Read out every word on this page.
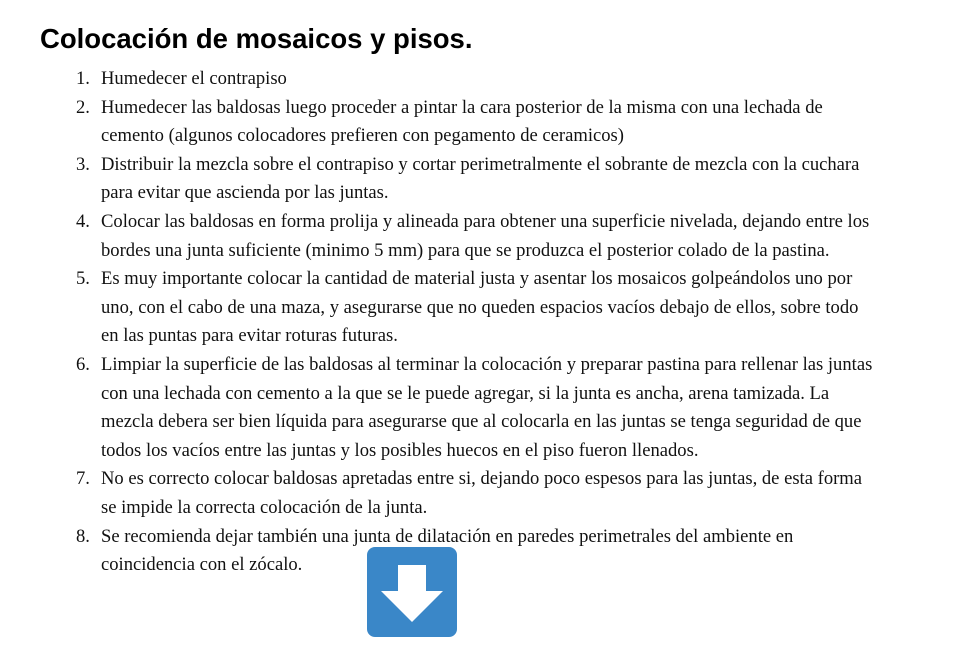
Colocación de mosaicos y pisos.
1. Humedecer el contrapiso
2. Humedecer las baldosas luego proceder a pintar la cara posterior de la misma con una lechada de cemento (algunos colocadores prefieren con pegamento de ceramicos)
3. Distribuir la mezcla sobre el contrapiso y cortar perimetralmente el sobrante de mezcla con la cuchara para evitar que ascienda por las juntas.
4. Colocar las baldosas en forma prolija y alineada para obtener una superficie nivelada, dejando entre los bordes una junta suficiente (minimo 5 mm) para que se produzca el posterior colado de la pastina.
5. Es muy importante colocar la cantidad de material justa y asentar los mosaicos golpeándolos uno por uno, con el cabo de una maza, y asegurarse que no queden espacios vacíos debajo de ellos, sobre todo en las puntas para evitar roturas futuras.
6. Limpiar la superficie de las baldosas al terminar la colocación y preparar pastina para rellenar las juntas con una lechada con cemento a la que se le puede agregar, si la junta es ancha, arena tamizada. La mezcla debera ser bien líquida para asegurarse que al colocarla en las juntas se tenga seguridad de que todos los vacíos entre las juntas y los posibles huecos en el piso fueron llenados.
7. No es correcto colocar baldosas apretadas entre si, dejando poco espesos para las juntas, de esta forma se impide la correcta colocación de la junta.
8. Se recomienda dejar también una junta de dilatación en paredes perimetrales del ambiente en coincidencia con el zócalo.
